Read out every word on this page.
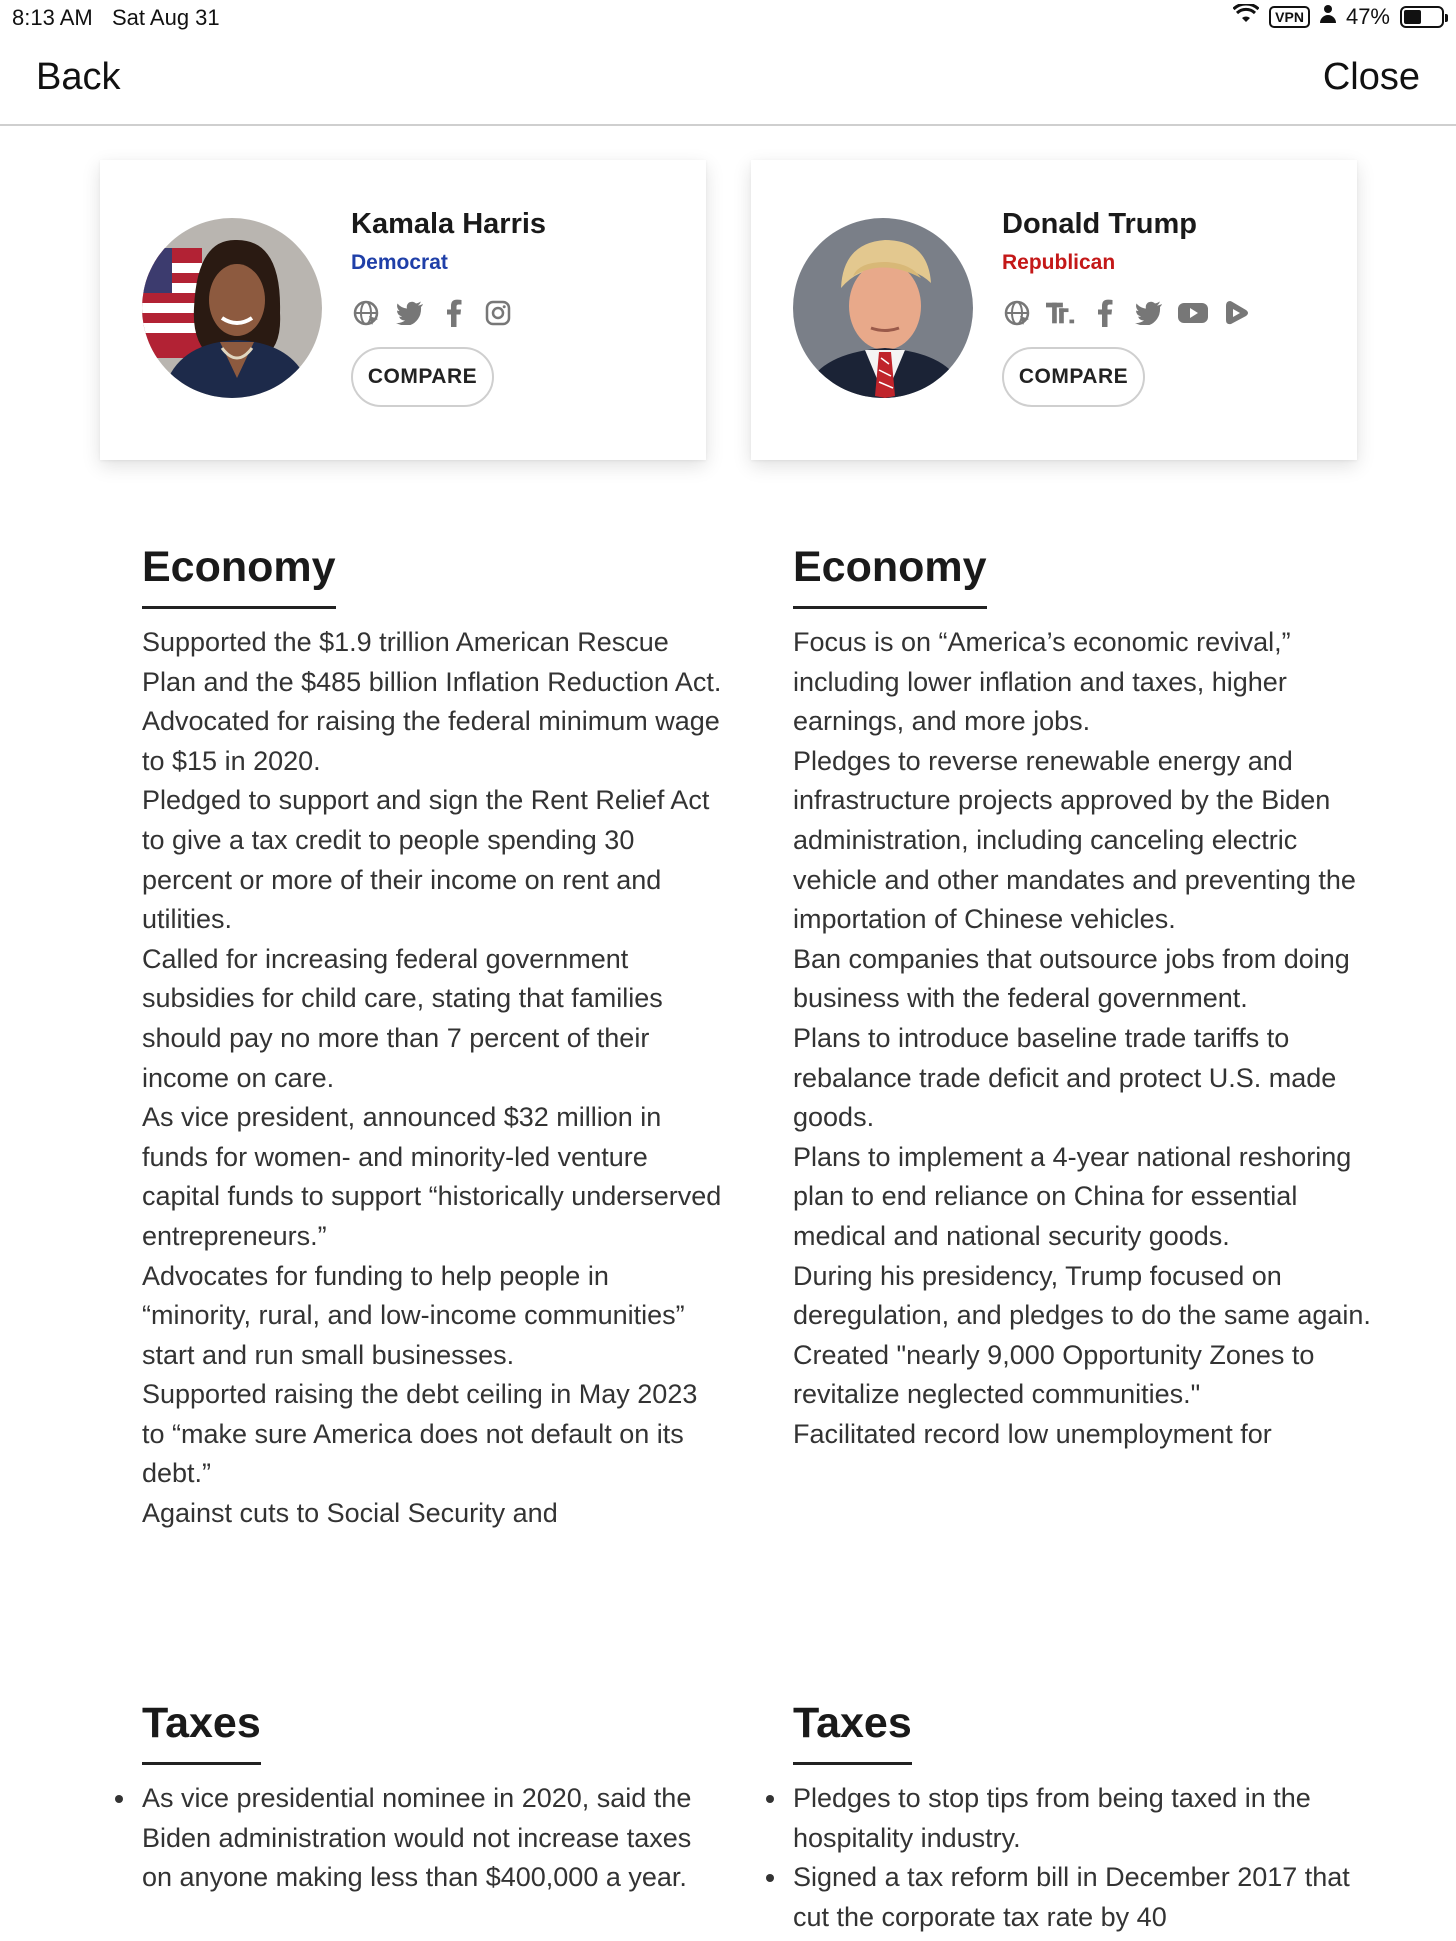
8:13 AM Sat Aug 31	VPN 47%
Back	Close
Kamala Harris
Democrat
COMPARE
Donald Trump
Republican
COMPARE
Economy
Supported the $1.9 trillion American Rescue Plan and the $485 billion Inflation Reduction Act.
Advocated for raising the federal minimum wage to $15 in 2020.
Pledged to support and sign the Rent Relief Act to give a tax credit to people spending 30 percent or more of their income on rent and utilities.
Called for increasing federal government subsidies for child care, stating that families should pay no more than 7 percent of their income on care.
As vice president, announced $32 million in funds for women- and minority-led venture capital funds to support “historically underserved entrepreneurs.”
Advocates for funding to help people in “minority, rural, and low-income communities” start and run small businesses.
Supported raising the debt ceiling in May 2023 to “make sure America does not default on its debt.”
Against cuts to Social Security and
Economy
Focus is on “America’s economic revival,” including lower inflation and taxes, higher earnings, and more jobs.
Pledges to reverse renewable energy and infrastructure projects approved by the Biden administration, including canceling electric vehicle and other mandates and preventing the importation of Chinese vehicles.
Ban companies that outsource jobs from doing business with the federal government.
Plans to introduce baseline trade tariffs to rebalance trade deficit and protect U.S. made goods.
Plans to implement a 4-year national reshoring plan to end reliance on China for essential medical and national security goods.
During his presidency, Trump focused on deregulation, and pledges to do the same again.
Created "nearly 9,000 Opportunity Zones to revitalize neglected communities."
Facilitated record low unemployment for
Taxes
As vice presidential nominee in 2020, said the Biden administration would not increase taxes on anyone making less than $400,000 a year.
Taxes
Pledges to stop tips from being taxed in the hospitality industry.
Signed a tax reform bill in December 2017 that cut the corporate tax rate by 40
